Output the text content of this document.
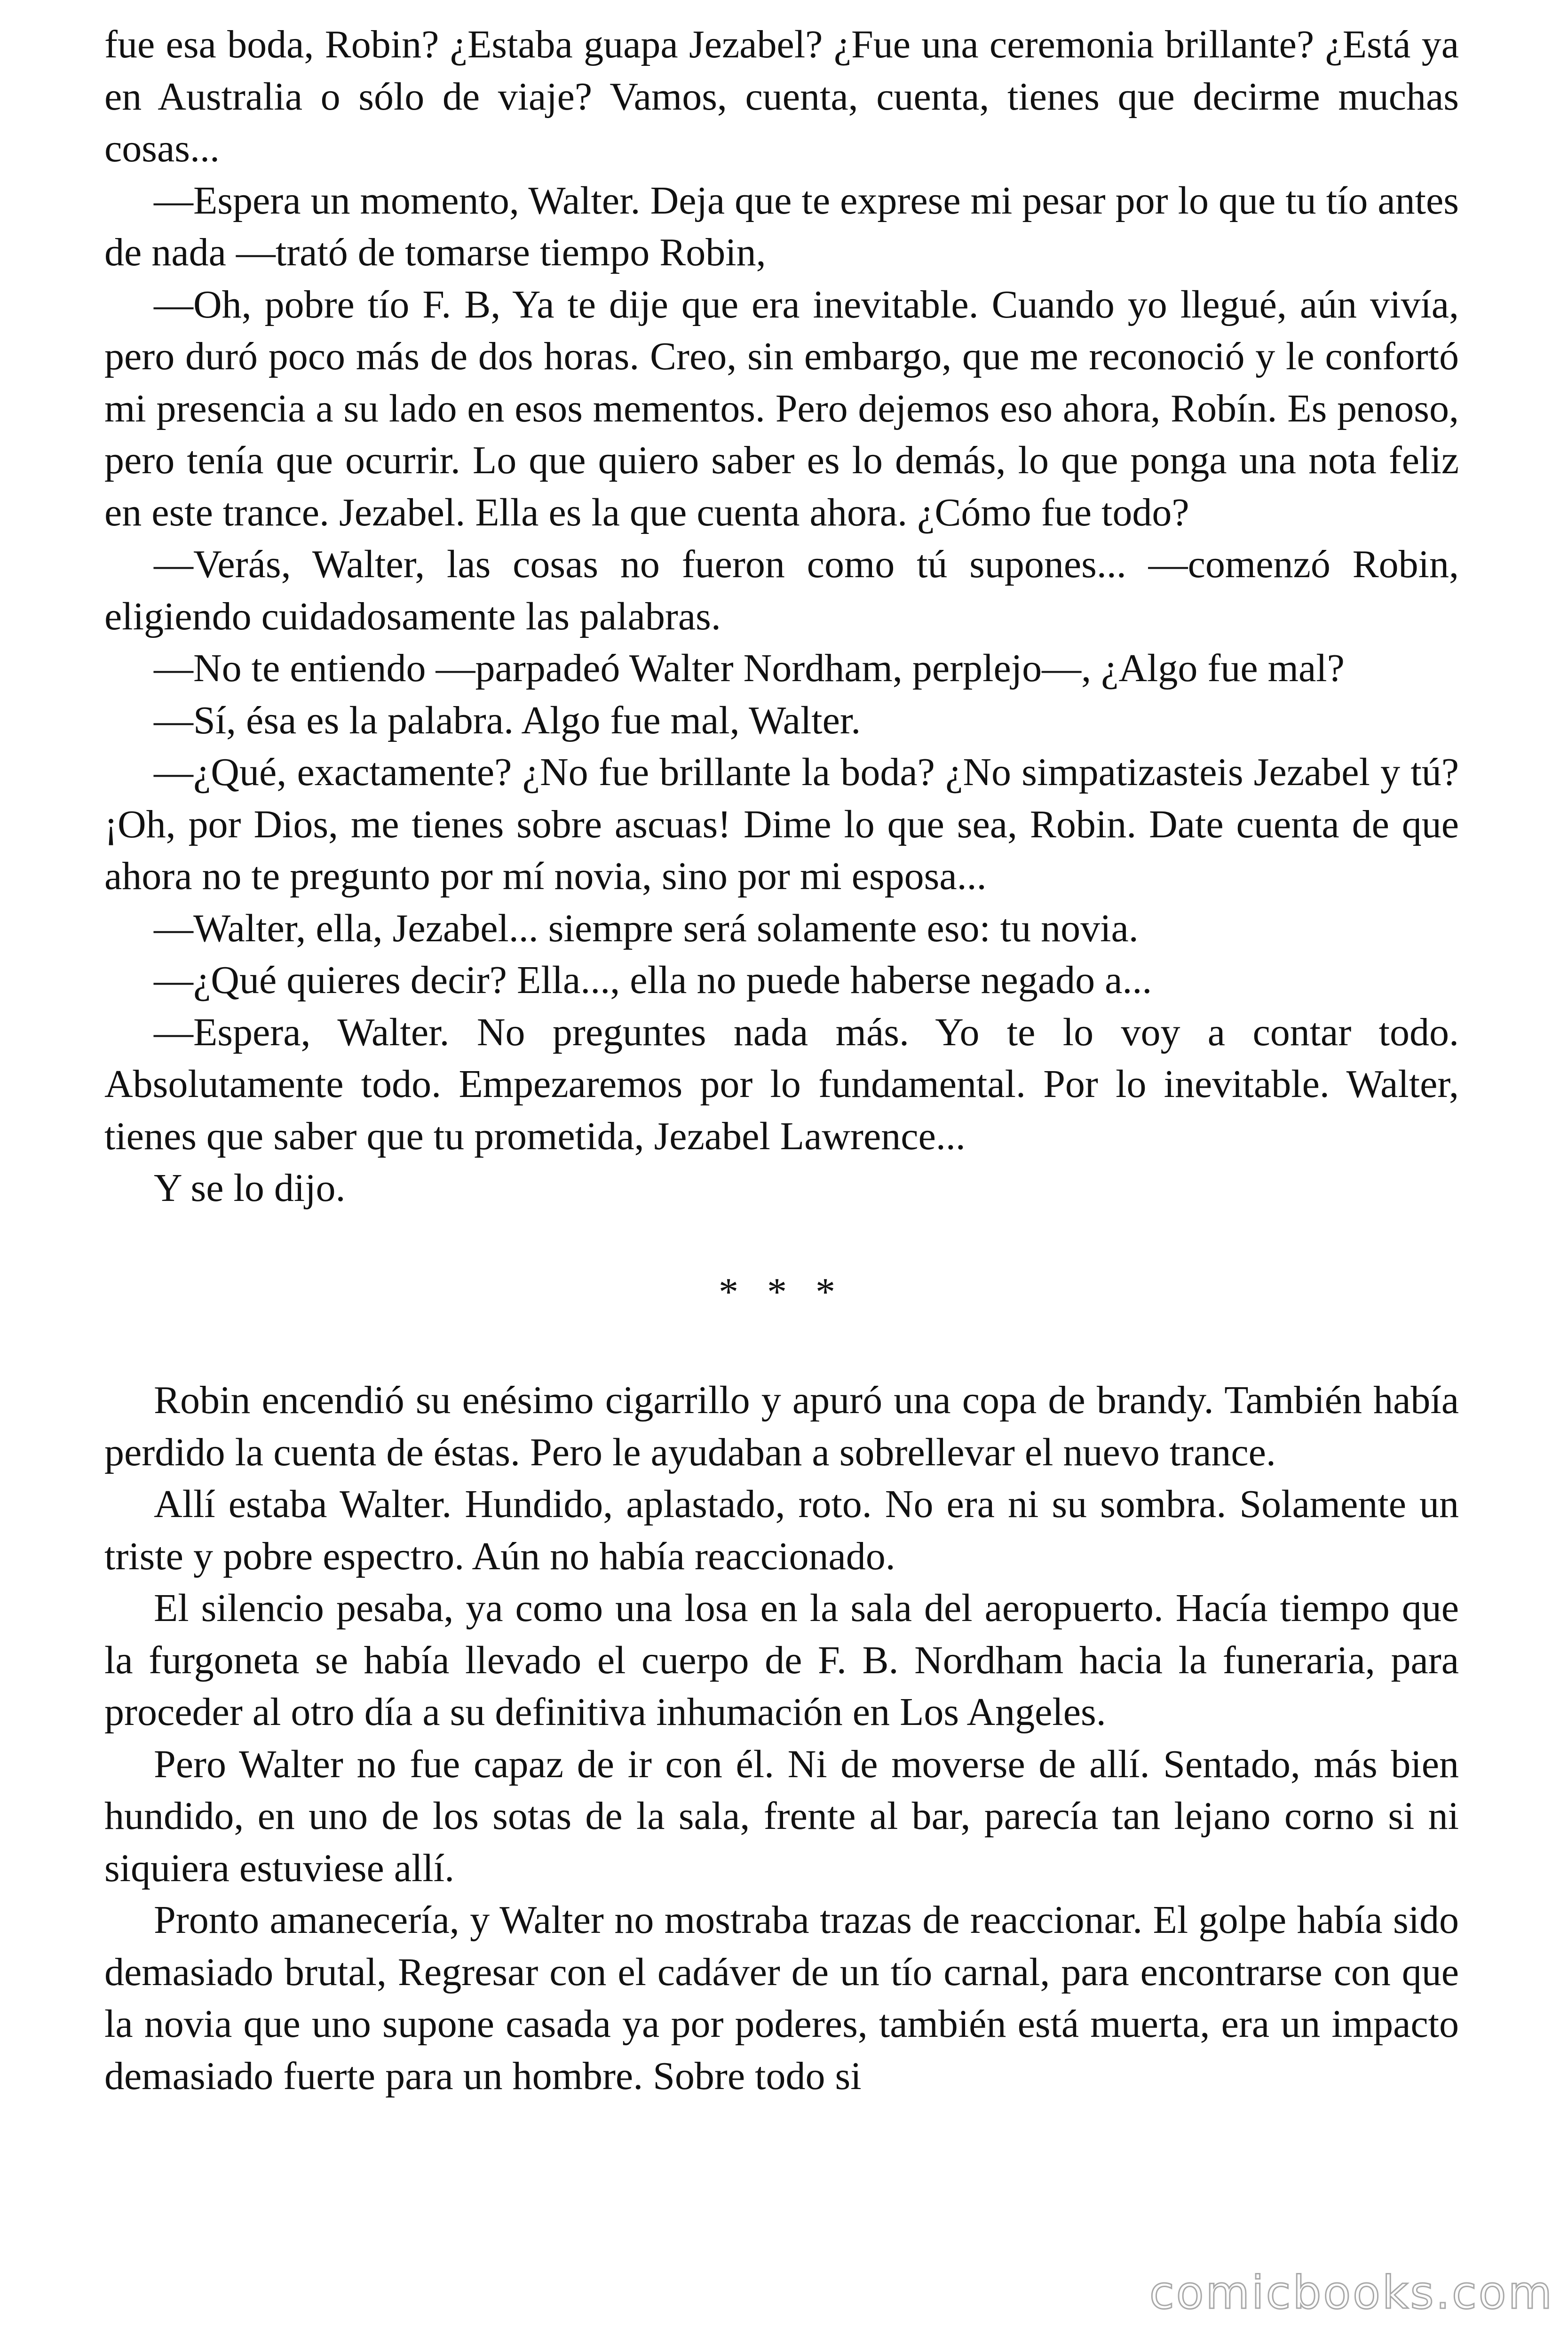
fue esa boda, Robin? ¿Estaba guapa Jezabel? ¿Fue una ceremonia brillante? ¿Está ya en Australia o sólo de viaje? Vamos, cuenta, cuenta, tienes que decirme muchas cosas...

—Espera un momento, Walter. Deja que te exprese mi pesar por lo que tu tío antes de nada —trató de tomarse tiempo Robin,

—Oh, pobre tío F. B, Ya te dije que era inevitable. Cuando yo llegué, aún vivía, pero duró poco más de dos horas. Creo, sin embargo, que me reconoció y le confortó mi presencia a su lado en esos mementos. Pero dejemos eso ahora, Robín. Es penoso, pero tenía que ocurrir. Lo que quiero saber es lo demás, lo que ponga una nota feliz en este trance. Jezabel. Ella es la que cuenta ahora. ¿Cómo fue todo?

—Verás, Walter, las cosas no fueron como tú supones... —comenzó Robin, eligiendo cuidadosamente las palabras.

—No te entiendo —parpadeó Walter Nordham, perplejo—, ¿Algo fue mal?

—Sí, ésa es la palabra. Algo fue mal, Walter.

—¿Qué, exactamente? ¿No fue brillante la boda? ¿No simpatizasteis Jezabel y tú? ¡Oh, por Dios, me tienes sobre ascuas! Dime lo que sea, Robin. Date cuenta de que ahora no te pregunto por mí novia, sino por mi esposa...

—Walter, ella, Jezabel... siempre será solamente eso: tu novia.

—¿Qué quieres decir? Ella..., ella no puede haberse negado a...

—Espera, Walter. No preguntes nada más. Yo te lo voy a contar todo. Absolutamente todo. Empezaremos por lo fundamental. Por lo inevitable. Walter, tienes que saber que tu prometida, Jezabel Lawrence...

Y se lo dijo.

* * *

Robin encendió su enésimo cigarrillo y apuró una copa de brandy. También había perdido la cuenta de éstas. Pero le ayudaban a sobrellevar el nuevo trance.

Allí estaba Walter. Hundido, aplastado, roto. No era ni su sombra. Solamente un triste y pobre espectro. Aún no había reaccionado.

El silencio pesaba, ya como una losa en la sala del aeropuerto. Hacía tiempo que la furgoneta se había llevado el cuerpo de F. B. Nordham hacia la funeraria, para proceder al otro día a su definitiva inhumación en Los Angeles.

Pero Walter no fue capaz de ir con él. Ni de moverse de allí. Sentado, más bien hundido, en uno de los sotas de la sala, frente al bar, parecía tan lejano corno si ni siquiera estuviese allí.

Pronto amanecería, y Walter no mostraba trazas de reaccionar. El golpe había sido demasiado brutal, Regresar con el cadáver de un tío carnal, para encontrarse con que la novia que uno supone casada ya por poderes, también está muerta, era un impacto demasiado fuerte para un hombre. Sobre todo si

comicbooks.com
